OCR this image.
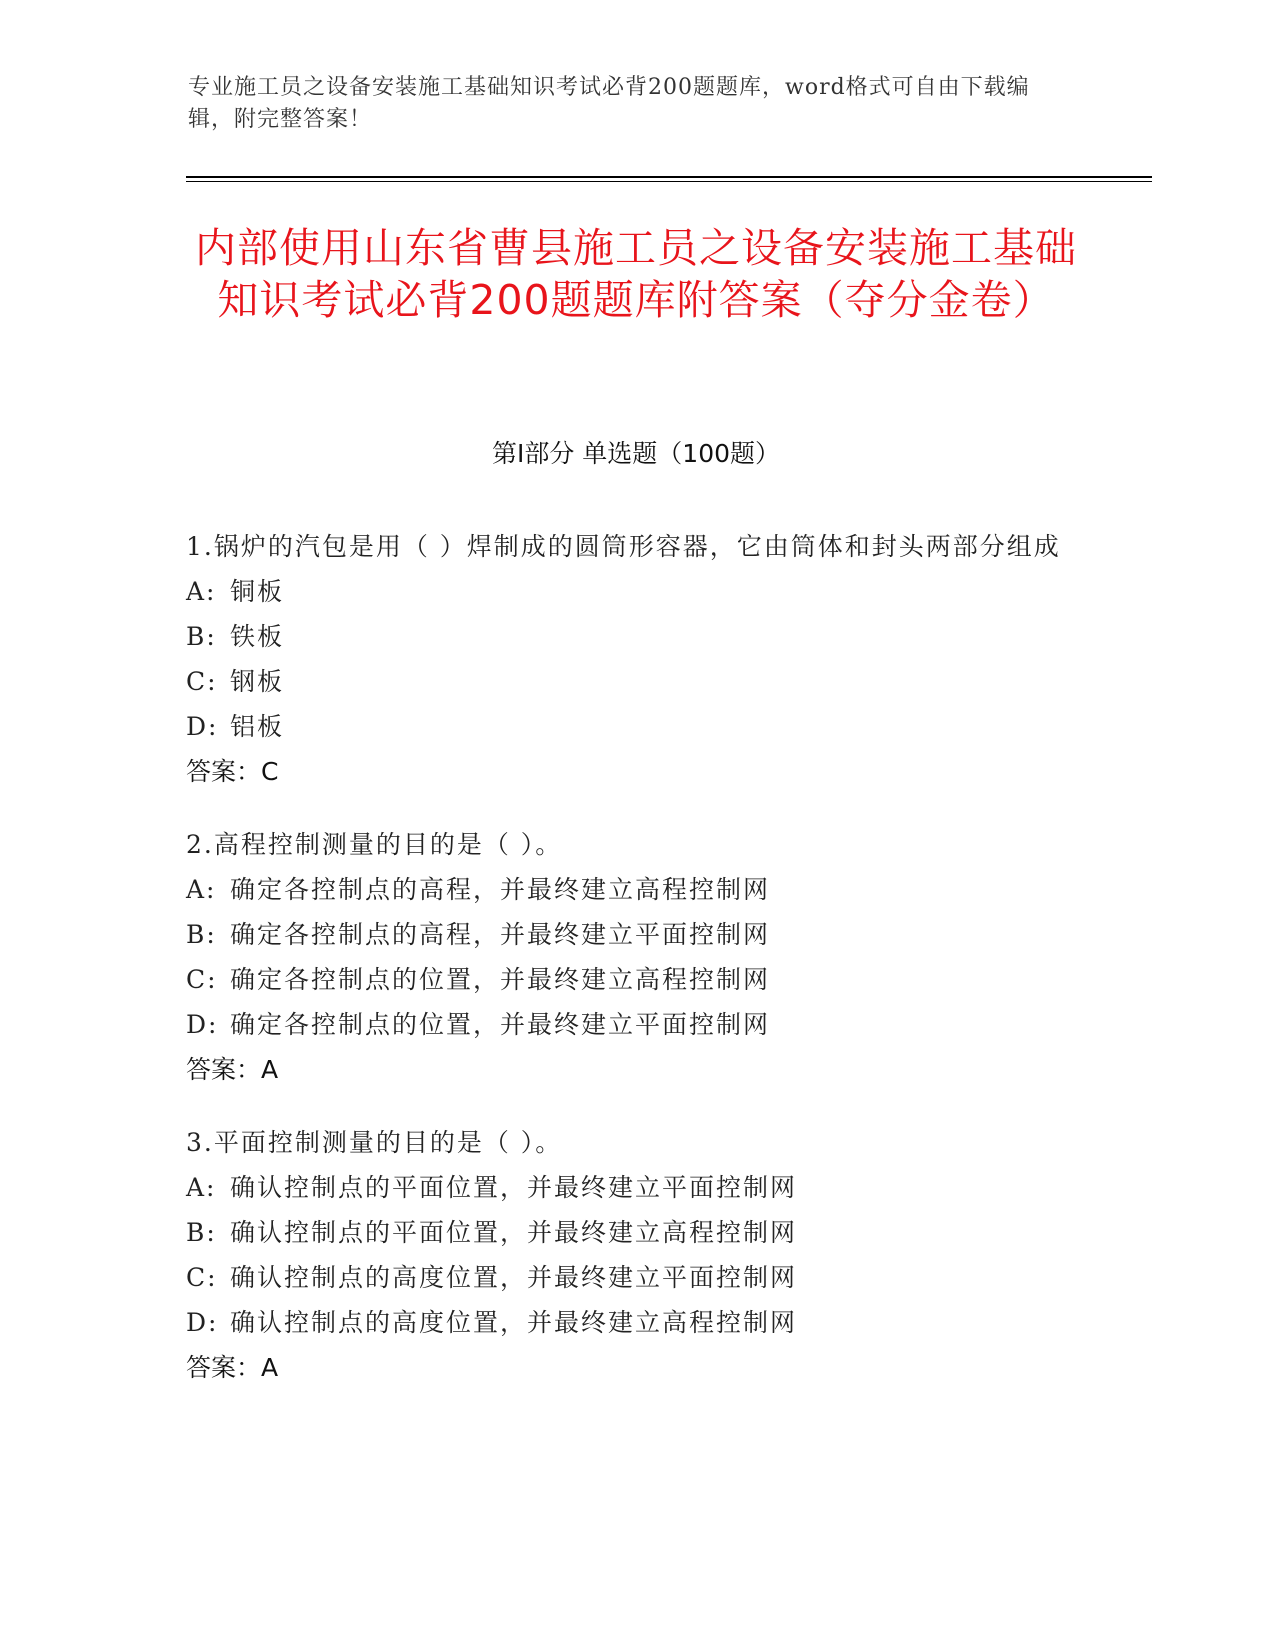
专业施工员之设备安装施工基础知识考试必背200题题库，word格式可自由下载编辑，附完整答案！
内部使用山东省曹县施工员之设备安装施工基础知识考试必背200题题库附答案（夺分金卷）
第Ⅰ部分 单选题（100题）
1.锅炉的汽包是用（ ）焊制成的圆筒形容器，它由筒体和封头两部分组成
A: 铜板
B: 铁板
C: 钢板
D: 铝板
答案：C
2.高程控制测量的目的是（ ）。
A: 确定各控制点的高程，并最终建立高程控制网
B: 确定各控制点的高程，并最终建立平面控制网
C: 确定各控制点的位置，并最终建立高程控制网
D: 确定各控制点的位置，并最终建立平面控制网
答案：A
3.平面控制测量的目的是（ ）。
A: 确认控制点的平面位置，并最终建立平面控制网
B: 确认控制点的平面位置，并最终建立高程控制网
C: 确认控制点的高度位置，并最终建立平面控制网
D: 确认控制点的高度位置，并最终建立高程控制网
答案：A
